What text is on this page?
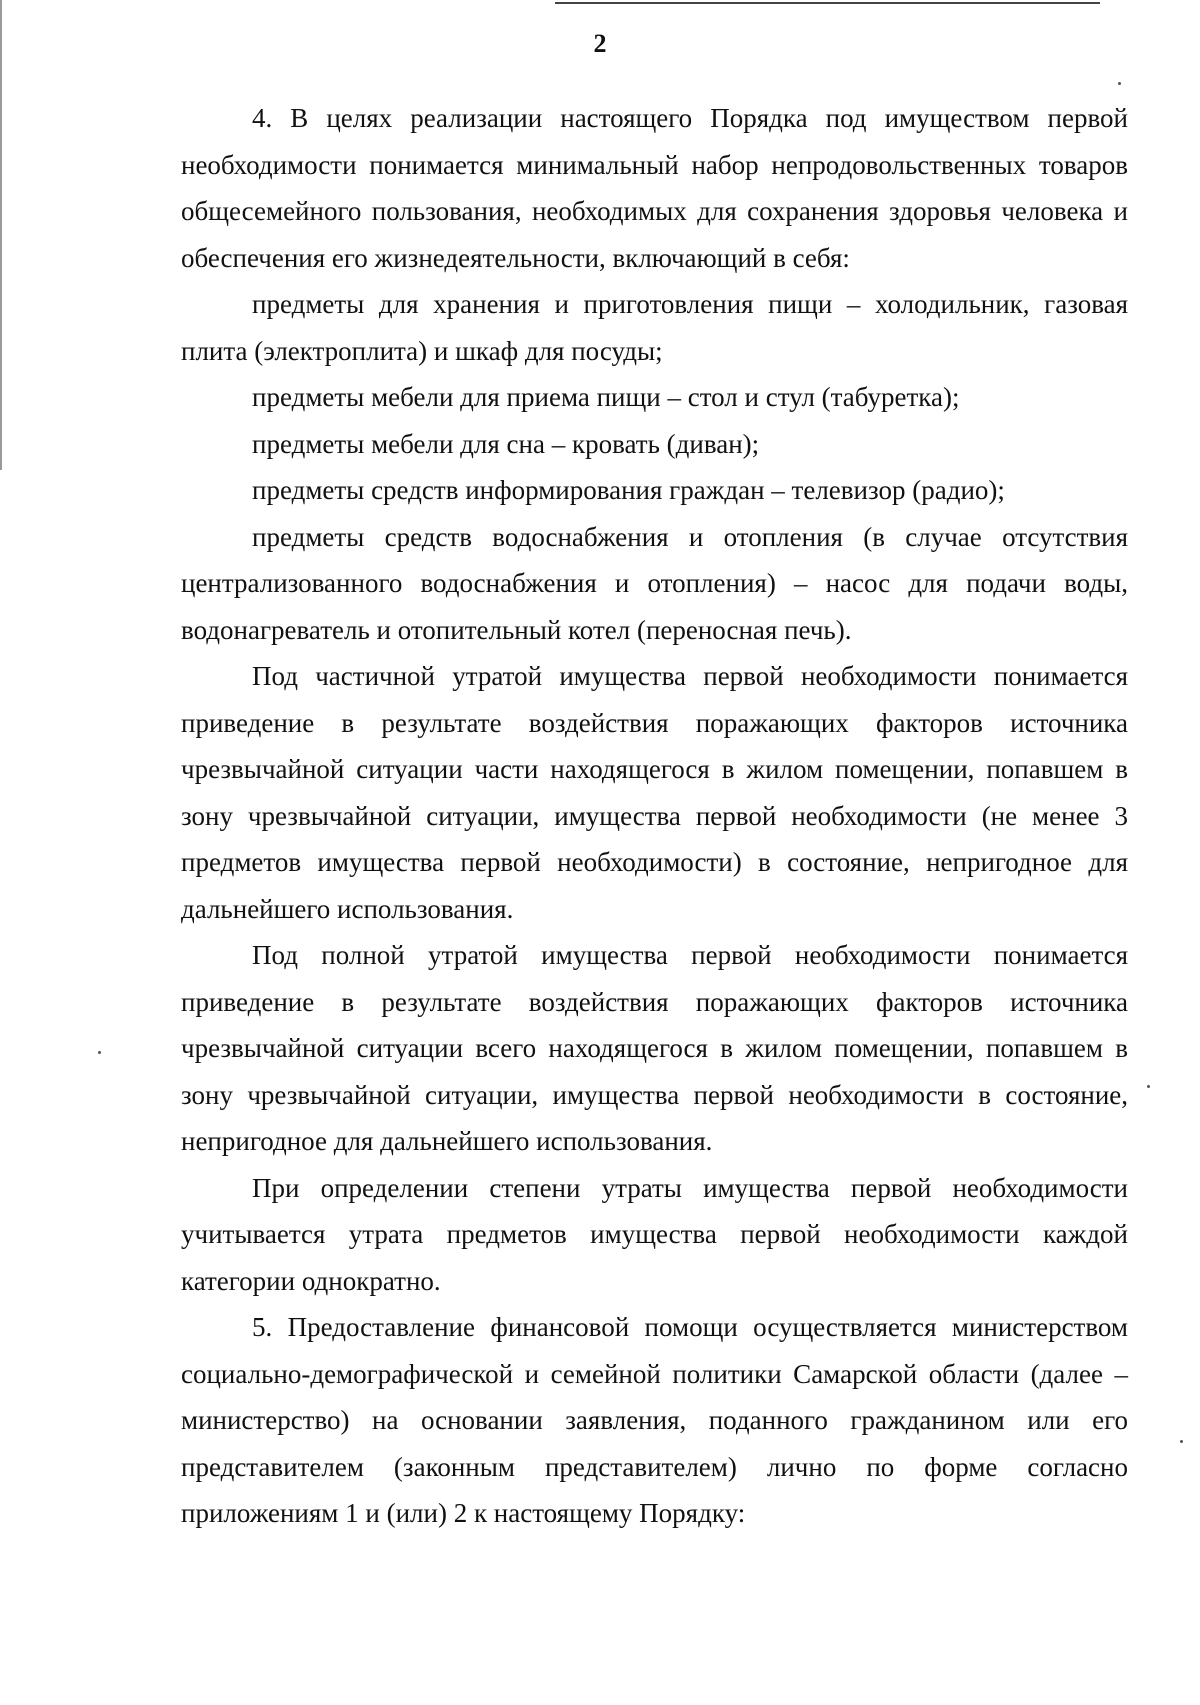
2

4. В целях реализации настоящего Порядка под имуществом первой необходимости понимается минимальный набор непродовольственных товаров общесемейного пользования, необходимых для сохранения здоровья человека и обеспечения его жизнедеятельности, включающий в себя:

предметы для хранения и приготовления пищи – холодильник, газовая плита (электроплита) и шкаф для посуды;

предметы мебели для приема пищи – стол и стул (табуретка);

предметы мебели для сна – кровать (диван);

предметы средств информирования граждан – телевизор (радио);

предметы средств водоснабжения и отопления (в случае отсутствия централизованного водоснабжения и отопления) – насос для подачи воды, водонагреватель и отопительный котел (переносная печь).

Под частичной утратой имущества первой необходимости понимается приведение в результате воздействия поражающих факторов источника чрезвычайной ситуации части находящегося в жилом помещении, попавшем в зону чрезвычайной ситуации, имущества первой необходимости (не менее 3 предметов имущества первой необходимости) в состояние, непригодное для дальнейшего использования.

Под полной утратой имущества первой необходимости понимается приведение в результате воздействия поражающих факторов источника чрезвычайной ситуации всего находящегося в жилом помещении, попавшем в зону чрезвычайной ситуации, имущества первой необходимости в состояние, непригодное для дальнейшего использования.

При определении степени утраты имущества первой необходимости учитывается утрата предметов имущества первой необходимости каждой категории однократно.

5. Предоставление финансовой помощи осуществляется министерством социально-демографической и семейной политики Самарской области (далее – министерство) на основании заявления, поданного гражданином или его представителем (законным представителем) лично по форме согласно приложениям 1 и (или) 2 к настоящему Порядку:
